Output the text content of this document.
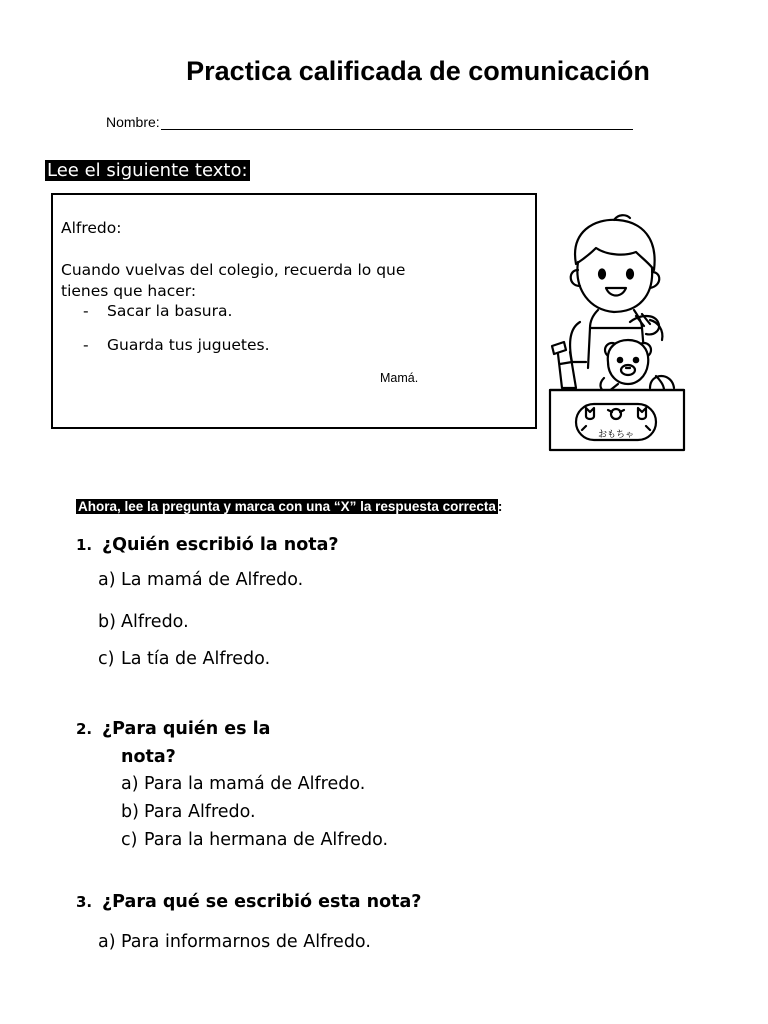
Practica calificada de comunicación
Nombre:
Lee el siguiente texto:
Alfredo:
Cuando vuelvas del colegio, recuerda lo que
tienes que hacer:
- Sacar la basura.
- Guarda tus juguetes.
Mamá.
おもちゃ
Ahora, lee la pregunta y marca con una “X” la respuesta correcta :
1. ¿Quién escribió la nota?
a) La mamá de Alfredo.
b) Alfredo.
c) La tía de Alfredo.
2. ¿Para quién es la
nota?
a) Para la mamá de Alfredo.
b) Para Alfredo.
c) Para la hermana de Alfredo.
3. ¿Para qué se escribió esta nota?
a) Para informarnos de Alfredo.
